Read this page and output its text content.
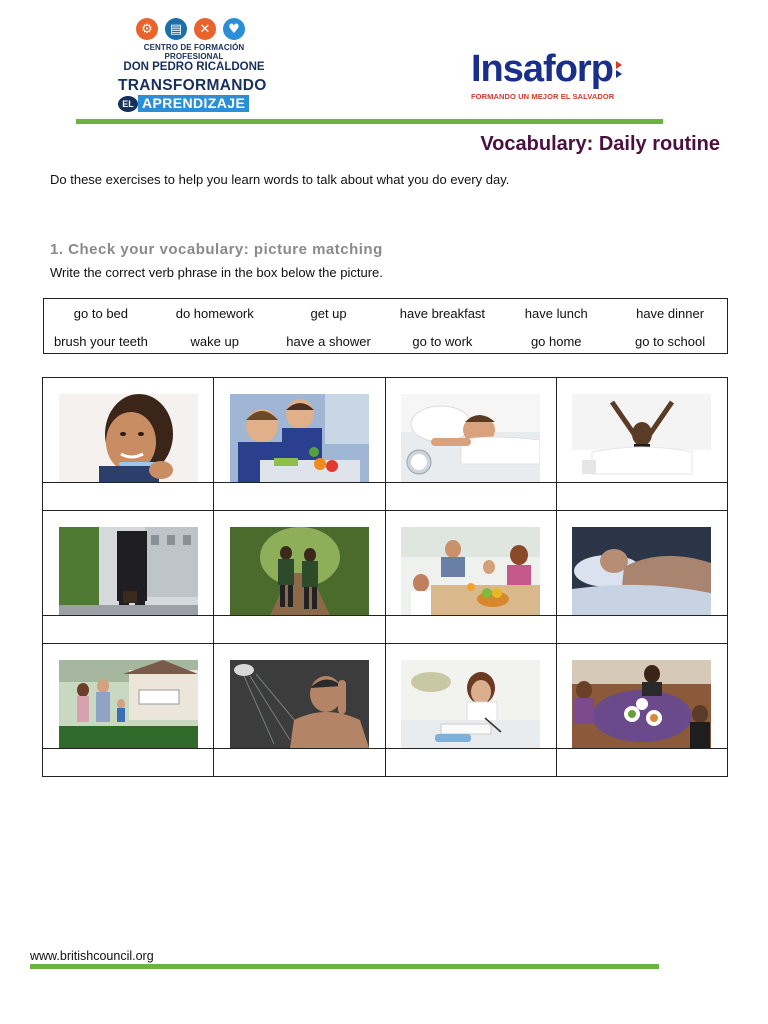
⚙	▤	✕	♥
CENTRO DE FORMACIÓN PROFESIONAL
DON PEDRO RICALDONE
TRANSFORMANDO
EL APRENDIZAJE
Insaforp
FORMANDO UN MEJOR EL SALVADOR
Vocabulary: Daily routine
Do these exercises to help you learn words to talk about what you do every day.
1. Check your vocabulary: picture matching
Write the correct verb phrase in the box below the picture.
go to bed	do homework	get up	have breakfast	have lunch	have dinner
brush your teeth	wake up	have a shower	go to work	go home	go to school

www.britishcouncil.org
